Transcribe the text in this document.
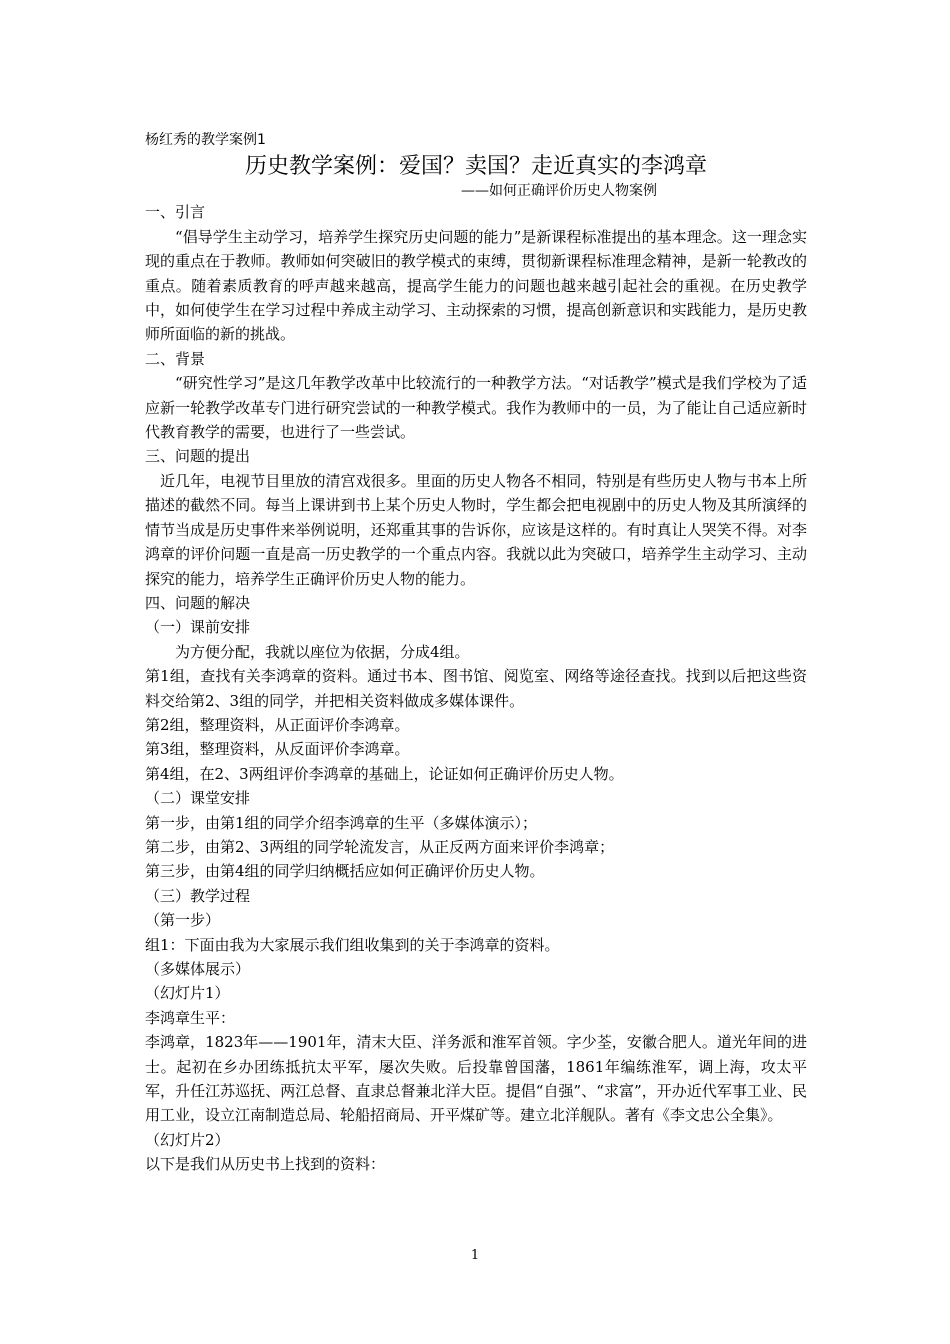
杨红秀的教学案例1

历史教学案例：爱国？卖国？走近真实的李鸿章

——如何正确评价历史人物案例

一、引言

“倡导学生主动学习，培养学生探究历史问题的能力”是新课程标准提出的基本理念。这一理念实现的重点在于教师。教师如何突破旧的教学模式的束缚，贯彻新课程标准理念精神，是新一轮教改的重点。随着素质教育的呼声越来越高，提高学生能力的问题也越来越引起社会的重视。在历史教学中，如何使学生在学习过程中养成主动学习、主动探索的习惯，提高创新意识和实践能力，是历史教师所面临的新的挑战。

二、背景

“研究性学习”是这几年教学改革中比较流行的一种教学方法。“对话教学”模式是我们学校为了适应新一轮教学改革专门进行研究尝试的一种教学模式。我作为教师中的一员，为了能让自己适应新时代教育教学的需要，也进行了一些尝试。

三、问题的提出

近几年，电视节目里放的清宫戏很多。里面的历史人物各不相同，特别是有些历史人物与书本上所描述的截然不同。每当上课讲到书上某个历史人物时，学生都会把电视剧中的历史人物及其所演绎的情节当成是历史事件来举例说明，还郑重其事的告诉你，应该是这样的。有时真让人哭笑不得。对李鸿章的评价问题一直是高一历史教学的一个重点内容。我就以此为突破口，培养学生主动学习、主动探究的能力，培养学生正确评价历史人物的能力。

四、问题的解决

（一）课前安排

为方便分配，我就以座位为依据，分成4组。

第1组，查找有关李鸿章的资料。通过书本、图书馆、阅览室、网络等途径查找。找到以后把这些资料交给第2、3组的同学，并把相关资料做成多媒体课件。

第2组，整理资料，从正面评价李鸿章。

第3组，整理资料，从反面评价李鸿章。

第4组，在2、3两组评价李鸿章的基础上，论证如何正确评价历史人物。

（二）课堂安排

第一步，由第1组的同学介绍李鸿章的生平（多媒体演示）；

第二步，由第2、3两组的同学轮流发言，从正反两方面来评价李鸿章；

第三步，由第4组的同学归纳概括应如何正确评价历史人物。

（三）教学过程

（第一步）

组1：下面由我为大家展示我们组收集到的关于李鸿章的资料。

（多媒体展示）

（幻灯片1）

李鸿章生平：

李鸿章，1823年——1901年，清末大臣、洋务派和淮军首领。字少荃，安徽合肥人。道光年间的进士。起初在乡办团练抵抗太平军，屡次失败。后投靠曾国藩，1861年编练淮军，调上海，攻太平军，升任江苏巡抚、两江总督、直隶总督兼北洋大臣。提倡“自强”、“求富”，开办近代军事工业、民用工业，设立江南制造总局、轮船招商局、开平煤矿等。建立北洋舰队。著有《李文忠公全集》。

（幻灯片2）

以下是我们从历史书上找到的资料：

1
